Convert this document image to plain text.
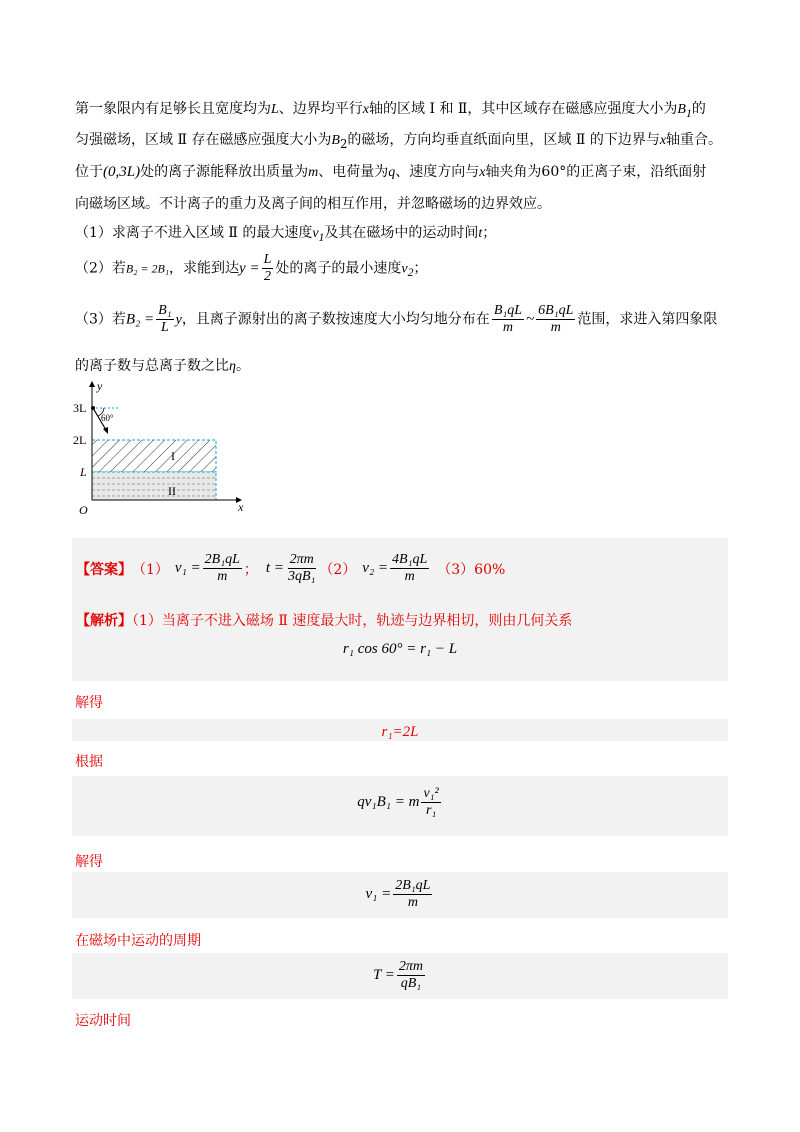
第一象限内有足够长且宽度均为L、边界均平行x轴的区域 Ⅰ 和 Ⅱ，其中区域存在磁感应强度大小为$B_1$的
匀强磁场，区域 Ⅱ 存在磁感应强度大小为$B_2$的磁场，方向均垂直纸面向里，区域 Ⅱ 的下边界与x轴重合。
位于(0,3L)处的离子源能释放出质量为m、电荷量为q、速度方向与x轴夹角为60°的正离子束，沿纸面射
向磁场区域。不计离子的重力及离子间的相互作用，并忽略磁场的边界效应。
（1）求离子不进入区域 Ⅱ 的最大速度$v_1$及其在磁场中的运动时间t；
（2）若B₂ = 2B₁，求能到达$y = \frac{L}{2}$ 处的离子的最小速度$v_2$；
（3）若$B_2 = \frac{\text{B₁}}{L}$ y，且离子源射出的离子数按速度大小均匀地分布在 $\frac{\text{B₁qL}}{m}$ ~ $\frac{\text{6B₁qL}}{m}$ 范围，求进入第四象限
的离子数与总离子数之比η。
y
x
O
3L
2L
L
60°
I
II
【答案】 （1） $v_1 = \frac{\text{2B₁qL}}{m}$ ； $t = \frac{2\pi m}{\text{3qB₁}} (2) v_2 = \frac{\text{4B₁qL}}{m} (3)60\%$
【解析】（1）当离子不进入磁场 Ⅱ 速度最大时，轨迹与边界相切，则由几何关系
r₁ cos 60° = r₁ − L
解得
r₁=2L
根据
qv₁B₁ = m $\frac{\text{v₁²}}{\text{r₁}}$
解得
$v_1 = \frac{\text{2B₁qL}}{m}$
在磁场中运动的周期
$T = \frac{2\pi m}{\text{qB₁}}$
运动时间
